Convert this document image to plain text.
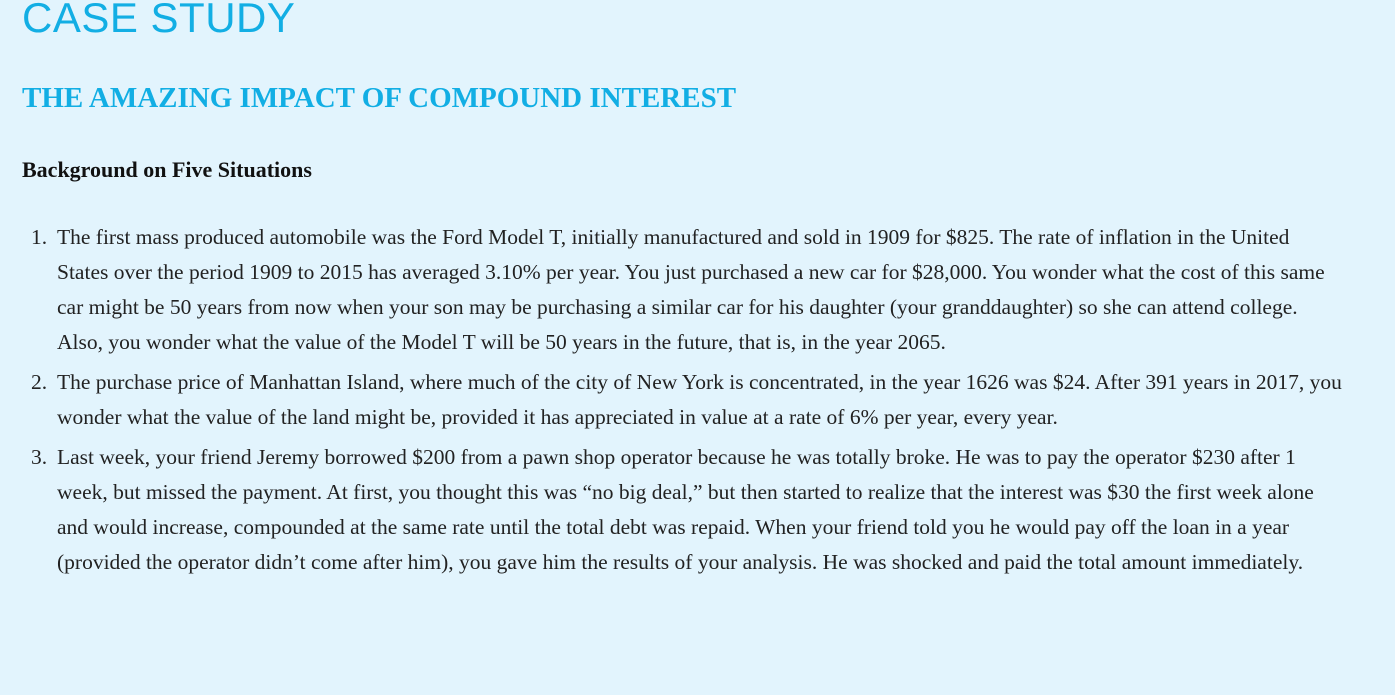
CASE STUDY
THE AMAZING IMPACT OF COMPOUND INTEREST
Background on Five Situations
1. The first mass produced automobile was the Ford Model T, initially manufactured and sold in 1909 for $825. The rate of inflation in the United States over the period 1909 to 2015 has averaged 3.10% per year. You just purchased a new car for $28,000. You wonder what the cost of this same car might be 50 years from now when your son may be purchasing a similar car for his daughter (your granddaughter) so she can attend college. Also, you wonder what the value of the Model T will be 50 years in the future, that is, in the year 2065.
2. The purchase price of Manhattan Island, where much of the city of New York is concentrated, in the year 1626 was $24. After 391 years in 2017, you wonder what the value of the land might be, provided it has appreciated in value at a rate of 6% per year, every year.
3. Last week, your friend Jeremy borrowed $200 from a pawn shop operator because he was totally broke. He was to pay the operator $230 after 1 week, but missed the payment. At first, you thought this was “no big deal,” but then started to realize that the interest was $30 the first week alone and would increase, compounded at the same rate until the total debt was repaid. When your friend told you he would pay off the loan in a year (provided the operator didn’t come after him), you gave him the results of your analysis. He was shocked and paid the total amount immediately.
